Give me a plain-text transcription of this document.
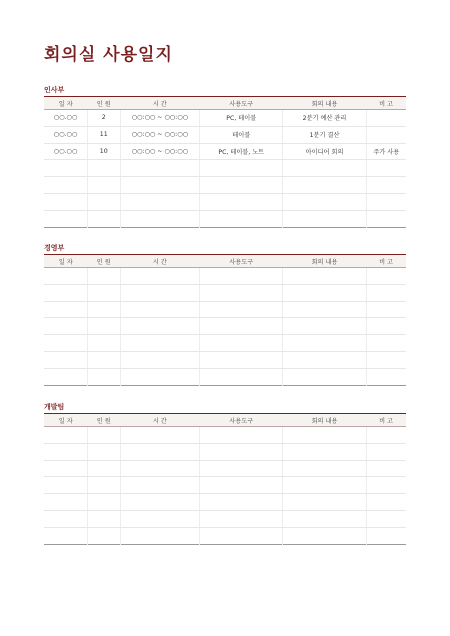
회의실 사용일지
인사부
일 자	인 원	시 간	사용도구	회의 내용	비 고
○○.○○	2	○○:○○ ~ ○○:○○	PC, 테이블	2분기 예산 관리	
○○.○○	11	○○:○○ ~ ○○:○○	테이블	1분기 결산	
○○.○○	10	○○:○○ ~ ○○:○○	PC, 테이블, 노트	아이디어 회의	주가 사용

경영부
일 자	인 원	시 간	사용도구	회의 내용	비 고

개발팀
일 자	인 원	시 간	사용도구	회의 내용	비 고
